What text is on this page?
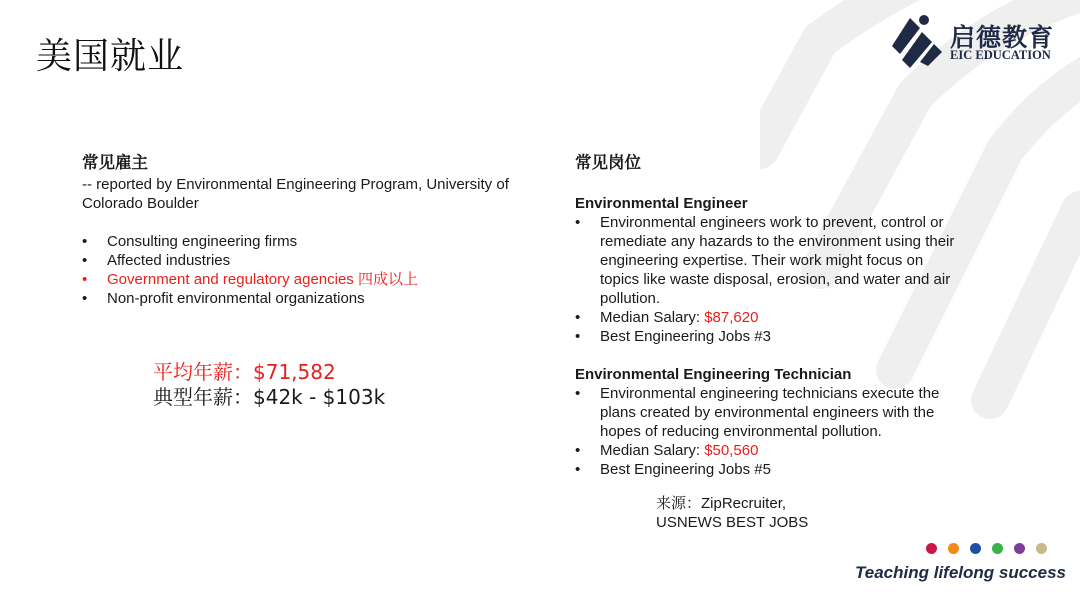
美国就业	启德教育
EIC EDUCATION
常见雇主
-- reported by Environmental Engineering Program, University of
Colorado Boulder
• Consulting engineering firms
• Affected industries
• Government and regulatory agencies 四成以上
• Non-profit environmental organizations
平均年薪：$71,582
典型年薪：$42k - $103k
常见岗位
Environmental Engineer
• Environmental engineers work to prevent, control or
remediate any hazards to the environment using their
engineering expertise. Their work might focus on
topics like waste disposal, erosion, and water and air
pollution.
• Median Salary: $87,620
• Best Engineering Jobs #3
Environmental Engineering Technician
• Environmental engineering technicians execute the
plans created by environmental engineers with the
hopes of reducing environmental pollution.
• Median Salary: $50,560
• Best Engineering Jobs #5
来源：ZipRecruiter,
USNEWS BEST JOBS
Teaching lifelong success
